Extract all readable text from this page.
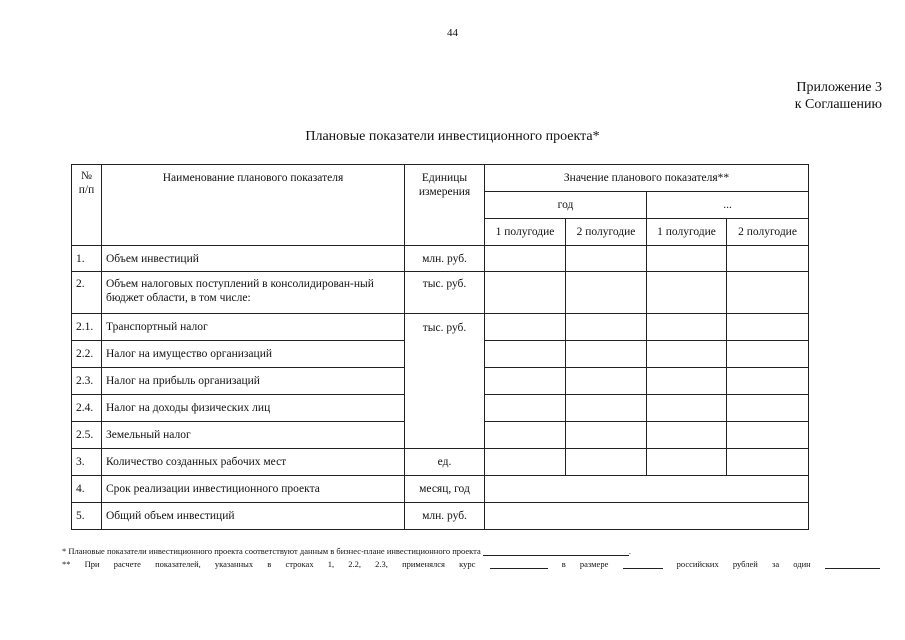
44
Приложение 3
к Соглашению
Плановые показатели инвестиционного проекта*
№ п/п	Наименование планового показателя	Единицы измерения	Значение планового показателя**			
			год		...	
			1 полугодие	2 полугодие	1 полугодие	2 полугодие
1.	Объем инвестиций	млн. руб.				
2.	Объем налоговых поступлений в консолидирован-ный бюджет области, в том числе:	тыс. руб.				
2.1.	Транспортный налог	тыс. руб.				
2.2.	Налог на имущество организаций					
2.3.	Налог на прибыль организаций					
2.4.	Налог на доходы физических лиц					
2.5.	Земельный налог					
3.	Количество созданных рабочих мест	ед.				
4.	Срок реализации инвестиционного проекта	месяц, год				
5.	Общий объем инвестиций	млн. руб.				
* Плановые показатели инвестиционного проекта соответствуют данным в бизнес-плане инвестиционного проекта	.
** При расчете показателей, указанных в строках 1, 2.2, 2.3, применялся курс	в размере	российских рублей за один
